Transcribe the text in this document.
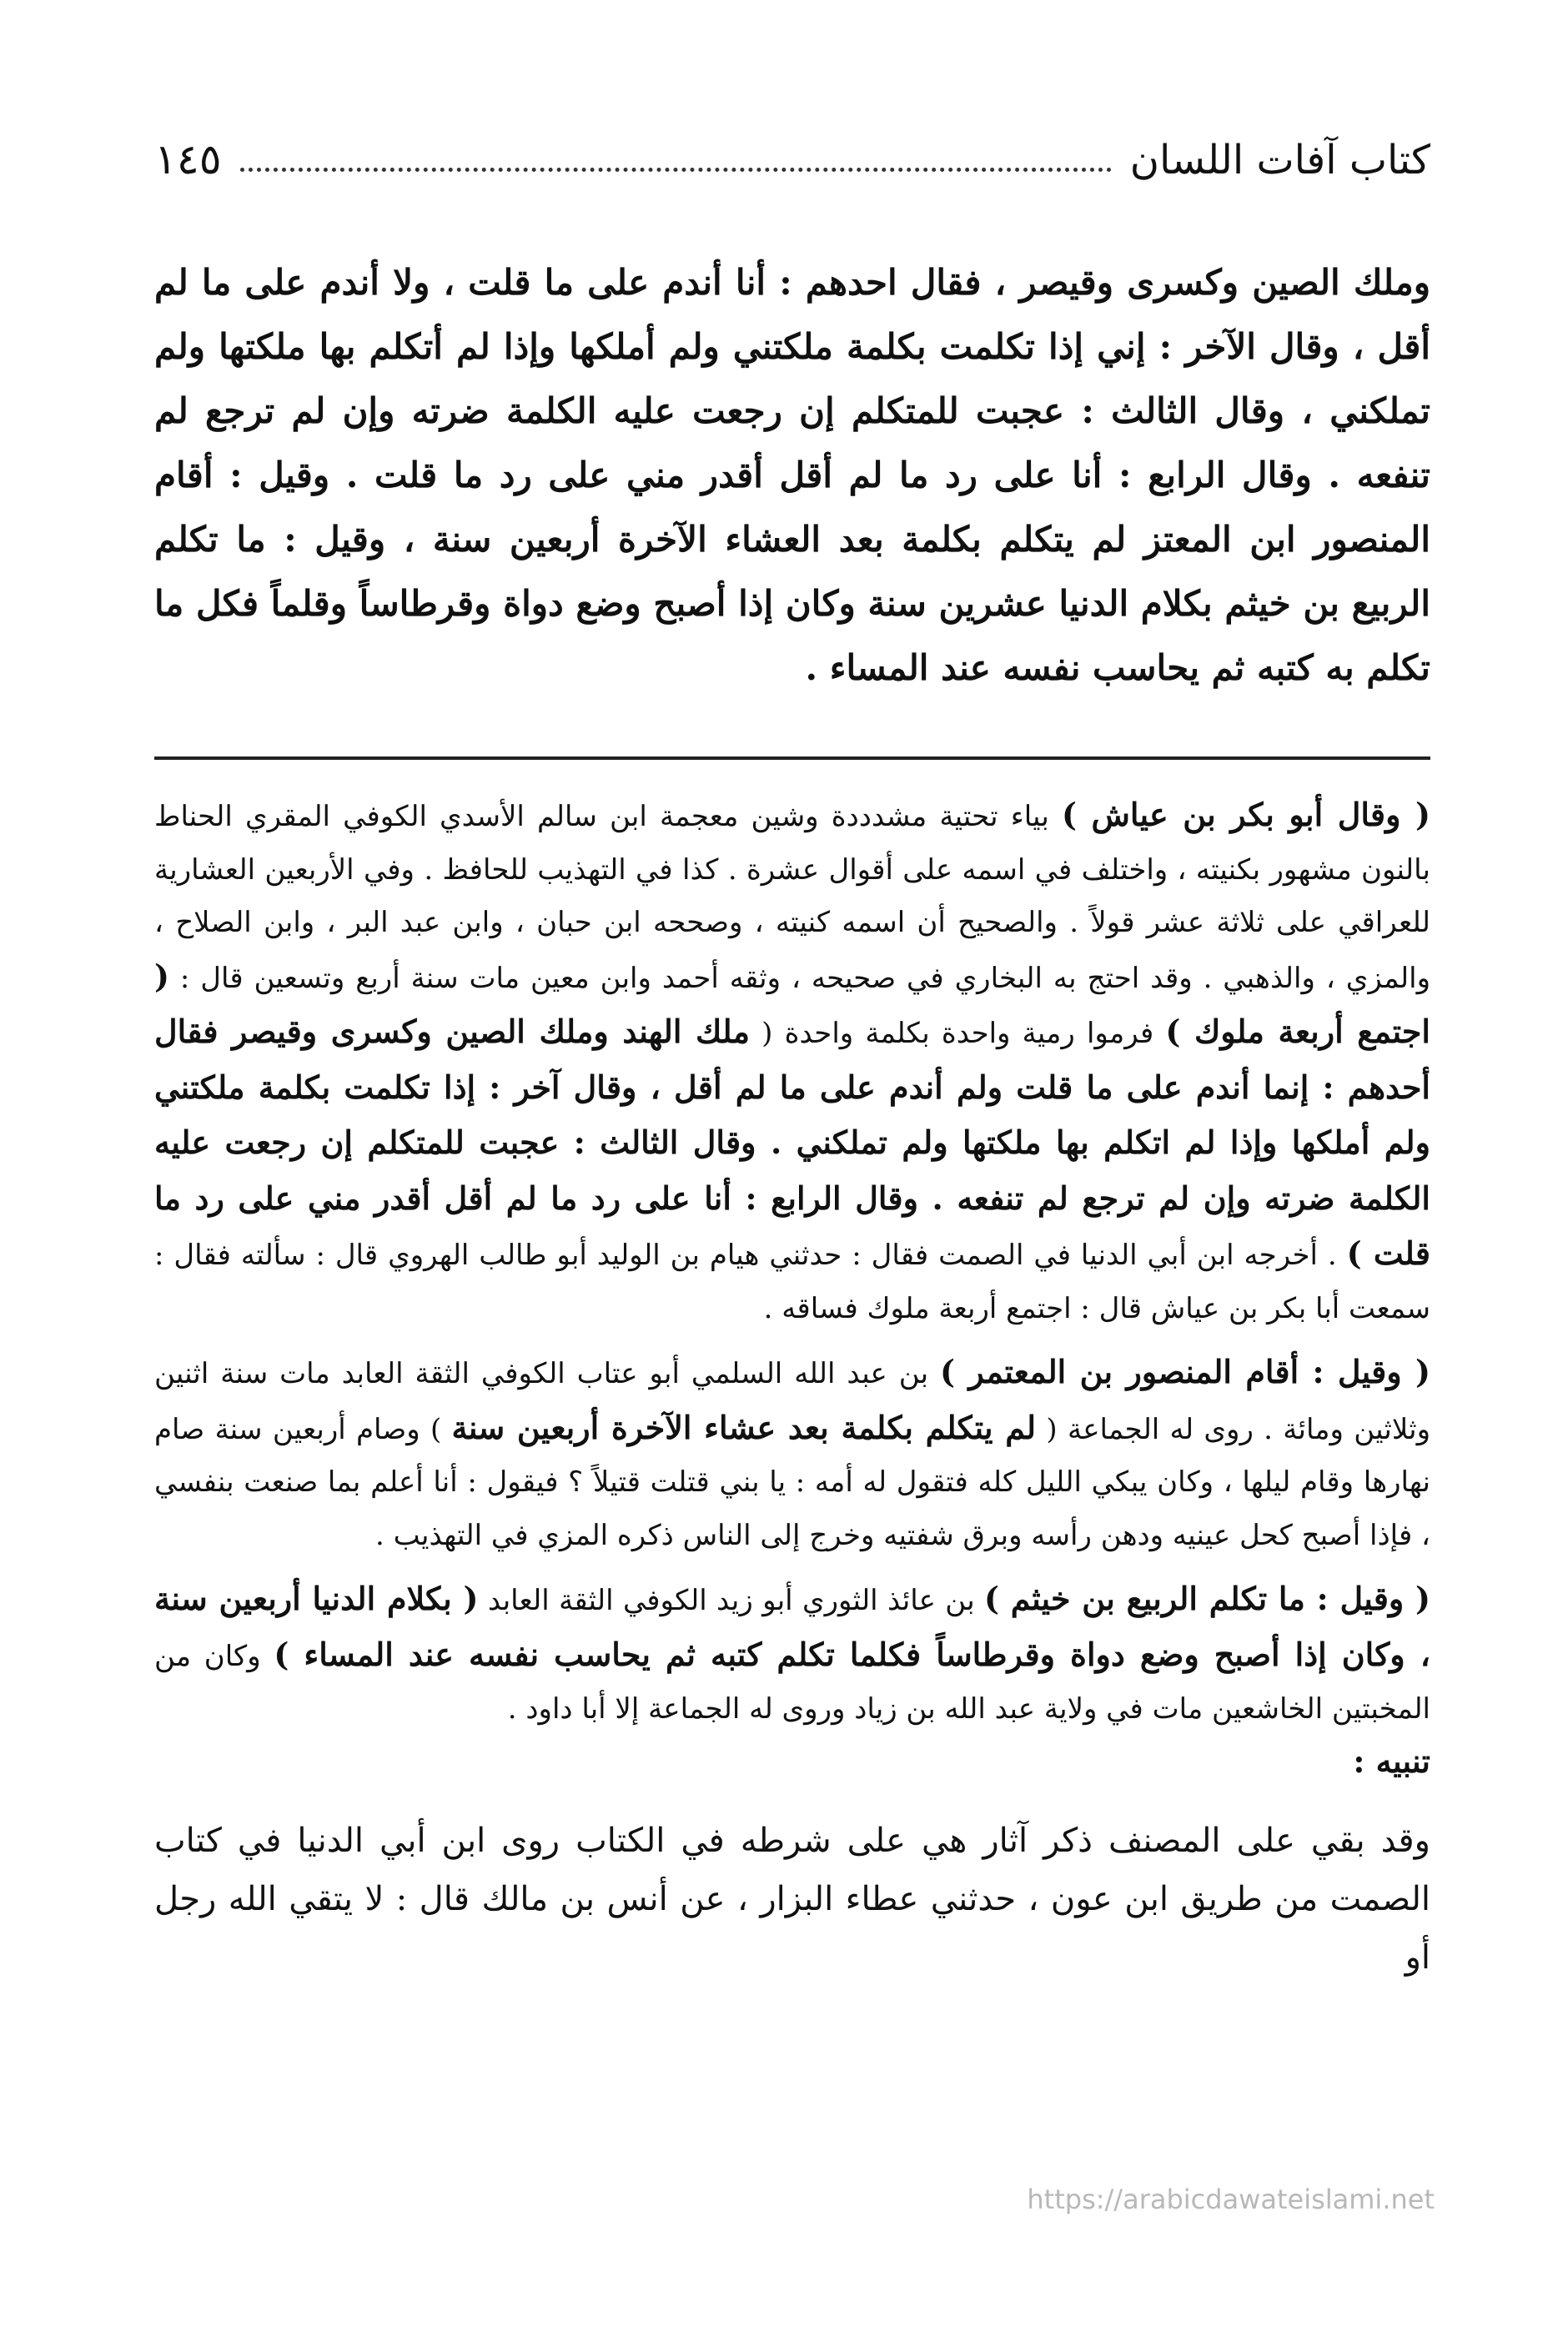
كتاب آفات اللسان
١٤٥
وملك الصين وكسرى وقيصر ، فقال احدهم : أنا أندم على ما قلت ، ولا أندم على ما لم أقل ، وقال الآخر : إني إذا تكلمت بكلمة ملكتني ولم أملكها وإذا لم أتكلم بها ملكتها ولم تملكني ، وقال الثالث : عجبت للمتكلم إن رجعت عليه الكلمة ضرته وإن لم ترجع لم تنفعه . وقال الرابع : أنا على رد ما لم أقل أقدر مني على رد ما قلت . وقيل : أقام المنصور ابن المعتز لم يتكلم بكلمة بعد العشاء الآخرة أربعين سنة ، وقيل : ما تكلم الربيع بن خيثم بكلام الدنيا عشرين سنة وكان إذا أصبح وضع دواة وقرطاساً وقلماً فكل ما تكلم به كتبه ثم يحاسب نفسه عند المساء .

( وقال أبو بكر بن عياش ) بياء تحتية مشدددة وشين معجمة ابن سالم الأسدي الكوفي المقري الحناط بالنون مشهور بكنيته ، واختلف في اسمه على أقوال عشرة . كذا في التهذيب للحافظ . وفي الأربعين العشارية للعراقي على ثلاثة عشر قولاً . والصحيح أن اسمه كنيته ، وصححه ابن حبان ، وابن عبد البر ، وابن الصلاح ، والمزي ، والذهبي . وقد احتج به البخاري في صحيحه ، وثقه أحمد وابن معين مات سنة أربع وتسعين قال : ( اجتمع أربعة ملوك ) فرموا رمية واحدة بكلمة واحدة ( ملك الهند وملك الصين وكسرى وقيصر فقال أحدهم : إنما أندم على ما قلت ولم أندم على ما لم أقل ، وقال آخر : إذا تكلمت بكلمة ملكتني ولم أملكها وإذا لم اتكلم بها ملكتها ولم تملكني . وقال الثالث : عجبت للمتكلم إن رجعت عليه الكلمة ضرته وإن لم ترجع لم تنفعه . وقال الرابع : أنا على رد ما لم أقل أقدر مني على رد ما قلت ) . أخرجه ابن أبي الدنيا في الصمت فقال : حدثني هيام بن الوليد أبو طالب الهروي قال : سألته فقال : سمعت أبا بكر بن عياش قال : اجتمع أربعة ملوك فساقه .

( وقيل : أقام المنصور بن المعتمر ) بن عبد الله السلمي أبو عتاب الكوفي الثقة العابد مات سنة اثنين وثلاثين ومائة . روى له الجماعة ( لم يتكلم بكلمة بعد عشاء الآخرة أربعين سنة ) وصام أربعين سنة صام نهارها وقام ليلها ، وكان يبكي الليل كله فتقول له أمه : يا بني قتلت قتيلاً ؟ فيقول : أنا أعلم بما صنعت بنفسي ، فإذا أصبح كحل عينيه ودهن رأسه وبرق شفتيه وخرج إلى الناس ذكره المزي في التهذيب .

( وقيل : ما تكلم الربيع بن خيثم ) بن عائذ الثوري أبو زيد الكوفي الثقة العابد ( بكلام الدنيا أربعين سنة ، وكان إذا أصبح وضع دواة وقرطاساً فكلما تكلم كتبه ثم يحاسب نفسه عند المساء ) وكان من المخبتين الخاشعين مات في ولاية عبد الله بن زياد وروى له الجماعة إلا أبا داود .

تنبيه :

وقد بقي على المصنف ذكر آثار هي على شرطه في الكتاب روى ابن أبي الدنيا في كتاب الصمت من طريق ابن عون ، حدثني عطاء البزار ، عن أنس بن مالك قال : لا يتقي الله رجل أو

https://arabicdawateislami.net
